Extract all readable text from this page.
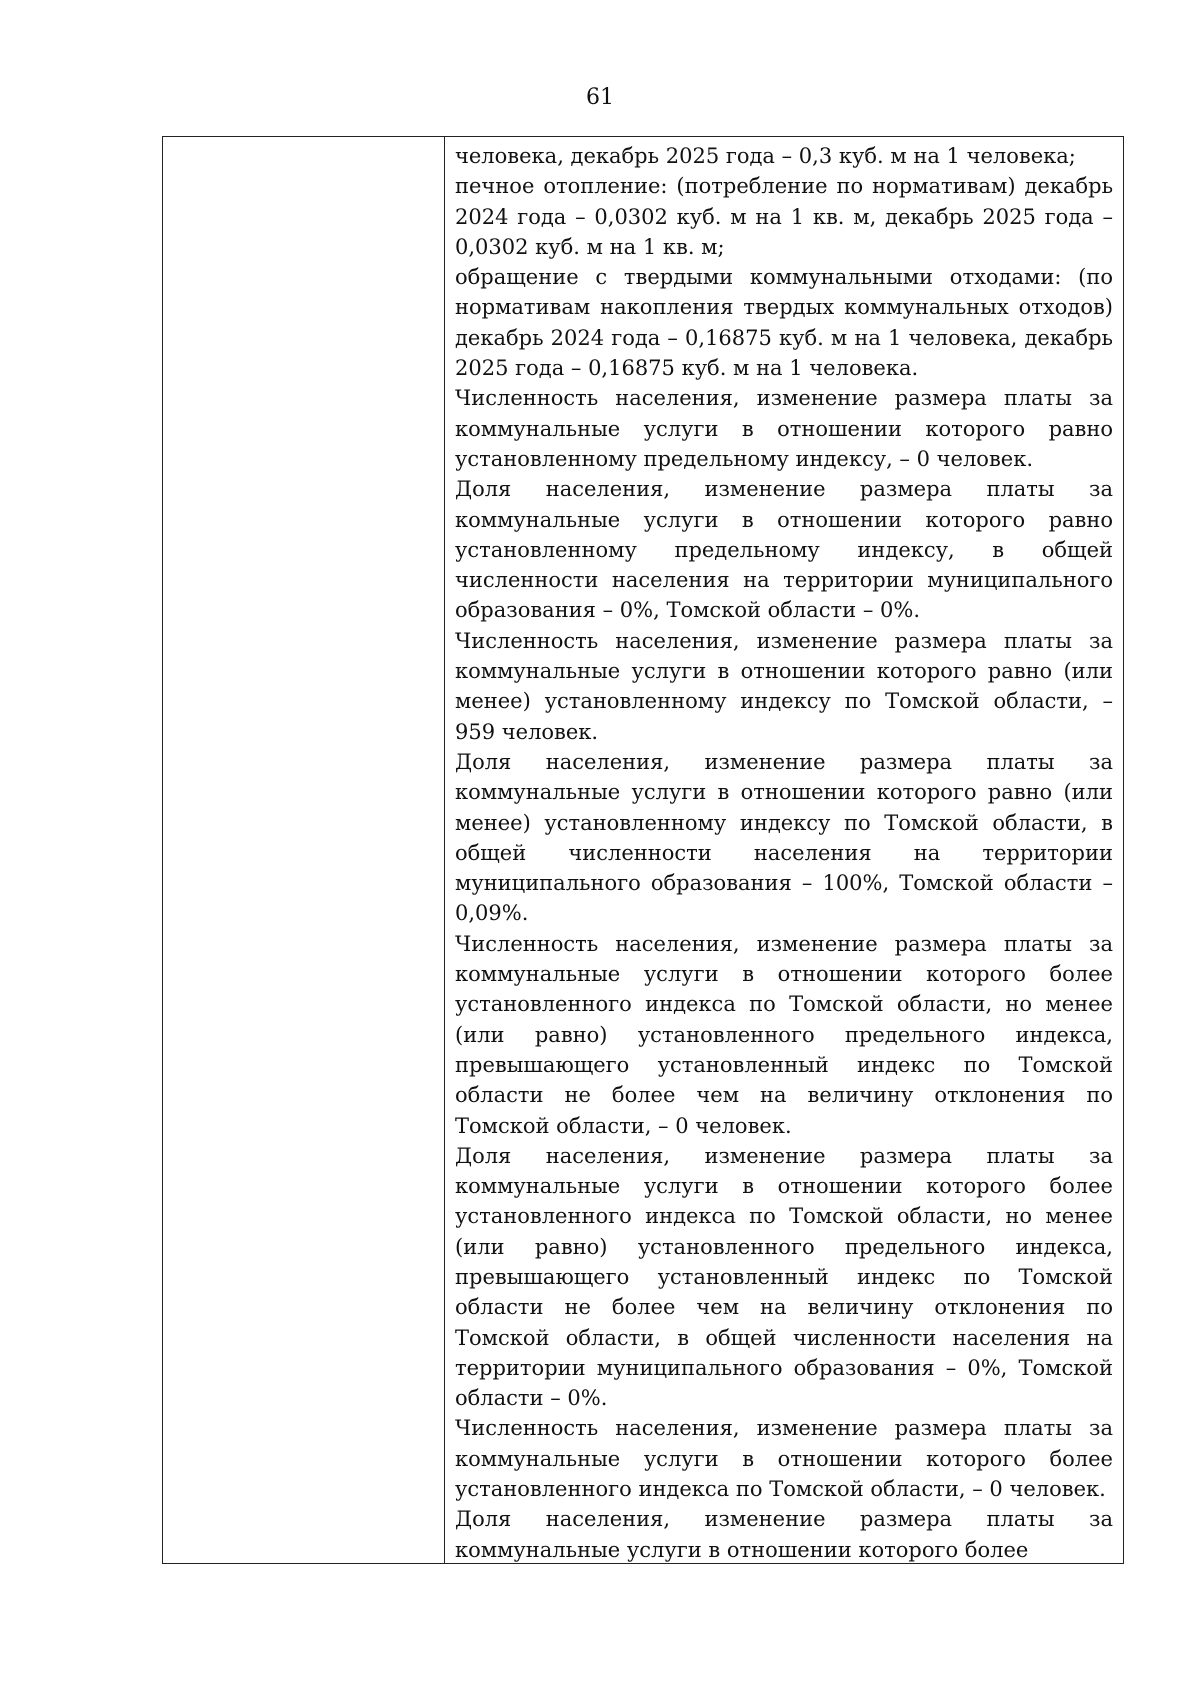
61

человека, декабрь 2025 года – 0,3 куб. м на 1 человека;

печное отопление: (потребление по нормативам) декабрь 2024 года – 0,0302 куб. м на 1 кв. м, декабрь 2025 года – 0,0302 куб. м на 1 кв. м;

обращение с твердыми коммунальными отходами: (по нормативам накопления твердых коммунальных отходов) декабрь 2024 года – 0,16875 куб. м на 1 человека, декабрь 2025 года – 0,16875 куб. м на 1 человека.

Численность населения, изменение размера платы за коммунальные услуги в отношении которого равно установленному предельному индексу, – 0 человек.

Доля населения, изменение размера платы за коммунальные услуги в отношении которого равно установленному предельному индексу, в общей численности населения на территории муниципального образования – 0%, Томской области – 0%.

Численность населения, изменение размера платы за коммунальные услуги в отношении которого равно (или менее) установленному индексу по Томской области, – 959 человек.

Доля населения, изменение размера платы за коммунальные услуги в отношении которого равно (или менее) установленному индексу по Томской области, в общей численности населения на территории муниципального образования – 100%, Томской области – 0,09%.

Численность населения, изменение размера платы за коммунальные услуги в отношении которого более установленного индекса по Томской области, но менее (или равно) установленного предельного индекса, превышающего установленный индекс по Томской области не более чем на величину отклонения по Томской области, – 0 человек.

Доля населения, изменение размера платы за коммунальные услуги в отношении которого более установленного индекса по Томской области, но менее (или равно) установленного предельного индекса, превышающего установленный индекс по Томской области не более чем на величину отклонения по Томской области, в общей численности населения на территории муниципального образования – 0%, Томской области – 0%.

Численность населения, изменение размера платы за коммунальные услуги в отношении которого более установленного индекса по Томской области, – 0 человек.

Доля населения, изменение размера платы за коммунальные услуги в отношении которого более
